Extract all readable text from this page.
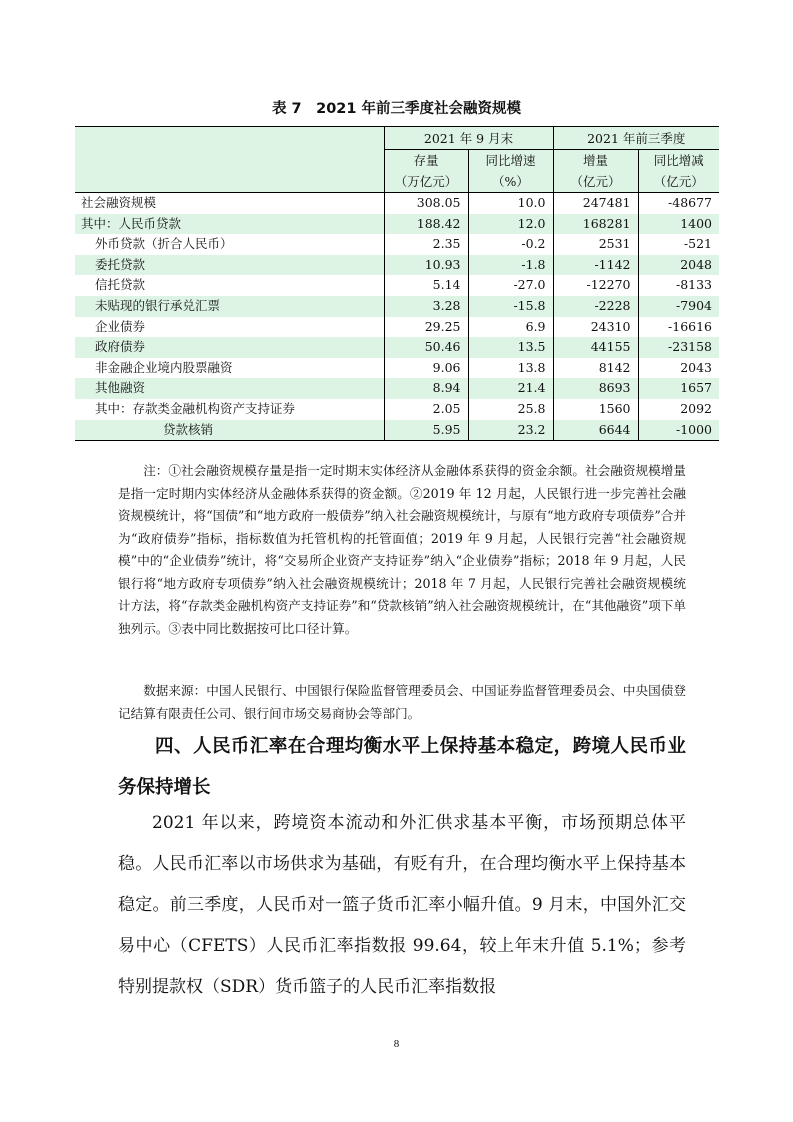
表 7　2021 年前三季度社会融资规模
	2021 年 9 月末		2021 年前三季度	
	存量	同比增速	增量	同比增减
	（万亿元）	（%）	（亿元）	（亿元）
社会融资规模	308.05	10.0	247481	-48677
其中：人民币贷款	188.42	12.0	168281	1400
外币贷款（折合人民币）	2.35	-0.2	2531	-521
委托贷款	10.93	-1.8	-1142	2048
信托贷款	5.14	-27.0	-12270	-8133
未贴现的银行承兑汇票	3.28	-15.8	-2228	-7904
企业债券	29.25	6.9	24310	-16616
政府债券	50.46	13.5	44155	-23158
非金融企业境内股票融资	9.06	13.8	8142	2043
其他融资	8.94	21.4	8693	1657
其中：存款类金融机构资产支持证券	2.05	25.8	1560	2092
贷款核销	5.95	23.2	6644	-1000

注：①社会融资规模存量是指一定时期末实体经济从金融体系获得的资金余额。社会融资规模增量是指一定时期内实体经济从金融体系获得的资金额。②2019 年 12 月起，人民银行进一步完善社会融资规模统计，将“国债”和“地方政府一般债券”纳入社会融资规模统计，与原有“地方政府专项债券”合并为“政府债券”指标，指标数值为托管机构的托管面值；2019 年 9 月起，人民银行完善“社会融资规模”中的“企业债券”统计，将“交易所企业资产支持证券”纳入“企业债券”指标；2018 年 9 月起，人民银行将“地方政府专项债券”纳入社会融资规模统计；2018 年 7 月起，人民银行完善社会融资规模统计方法，将“存款类金融机构资产支持证券”和“贷款核销”纳入社会融资规模统计，在“其他融资”项下单独列示。③表中同比数据按可比口径计算。

数据来源：中国人民银行、中国银行保险监督管理委员会、中国证券监督管理委员会、中央国债登记结算有限责任公司、银行间市场交易商协会等部门。

四、人民币汇率在合理均衡水平上保持基本稳定，跨境人民币业务保持增长

2021 年以来，跨境资本流动和外汇供求基本平衡，市场预期总体平稳。人民币汇率以市场供求为基础，有贬有升，在合理均衡水平上保持基本稳定。前三季度，人民币对一篮子货币汇率小幅升值。9 月末，中国外汇交易中心（CFETS）人民币汇率指数报 99.64，较上年末升值 5.1%；参考特别提款权（SDR）货币篮子的人民币汇率指数报

8
